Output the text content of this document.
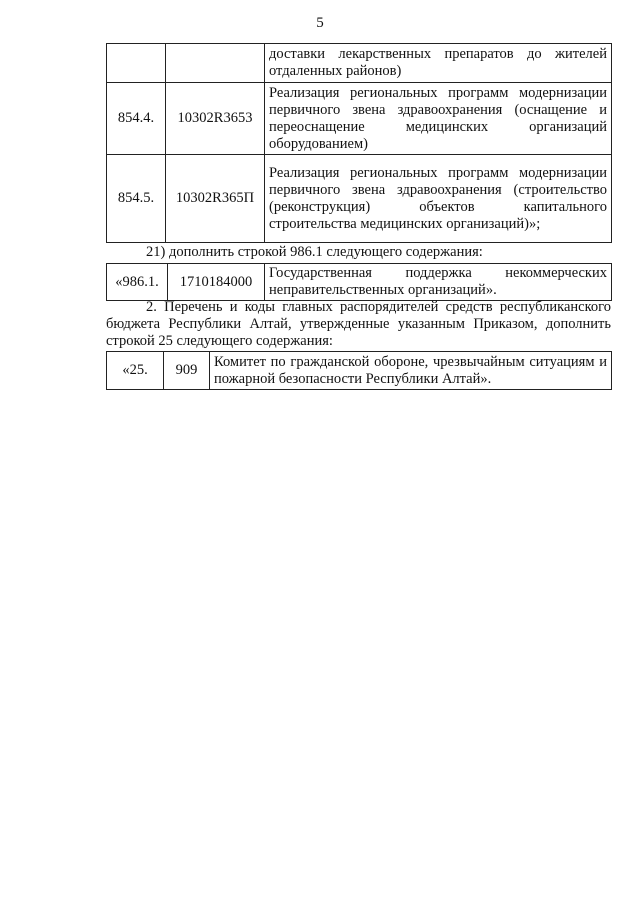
5
		доставки лекарственных препаратов до жителей отдаленных районов)
854.4.	10302R3653	Реализация региональных программ модернизации первичного звена здравоохранения (оснащение и переоснащение медицинских организаций оборудованием)
854.5.	10302R365П	Реализация региональных программ модернизации первичного звена здравоохранения (строительство (реконструкция) объектов капитального строительства медицинских организаций)»;
21) дополнить строкой 986.1 следующего содержания:
«986.1.	1710184000	Государственная поддержка некоммерческих неправительственных организаций».
2. Перечень и коды главных распорядителей средств республиканского бюджета Республики Алтай, утвержденные указанным Приказом, дополнить строкой 25 следующего содержания:
«25.	909	Комитет по гражданской обороне, чрезвычайным ситуациям и пожарной безопасности Республики Алтай».
